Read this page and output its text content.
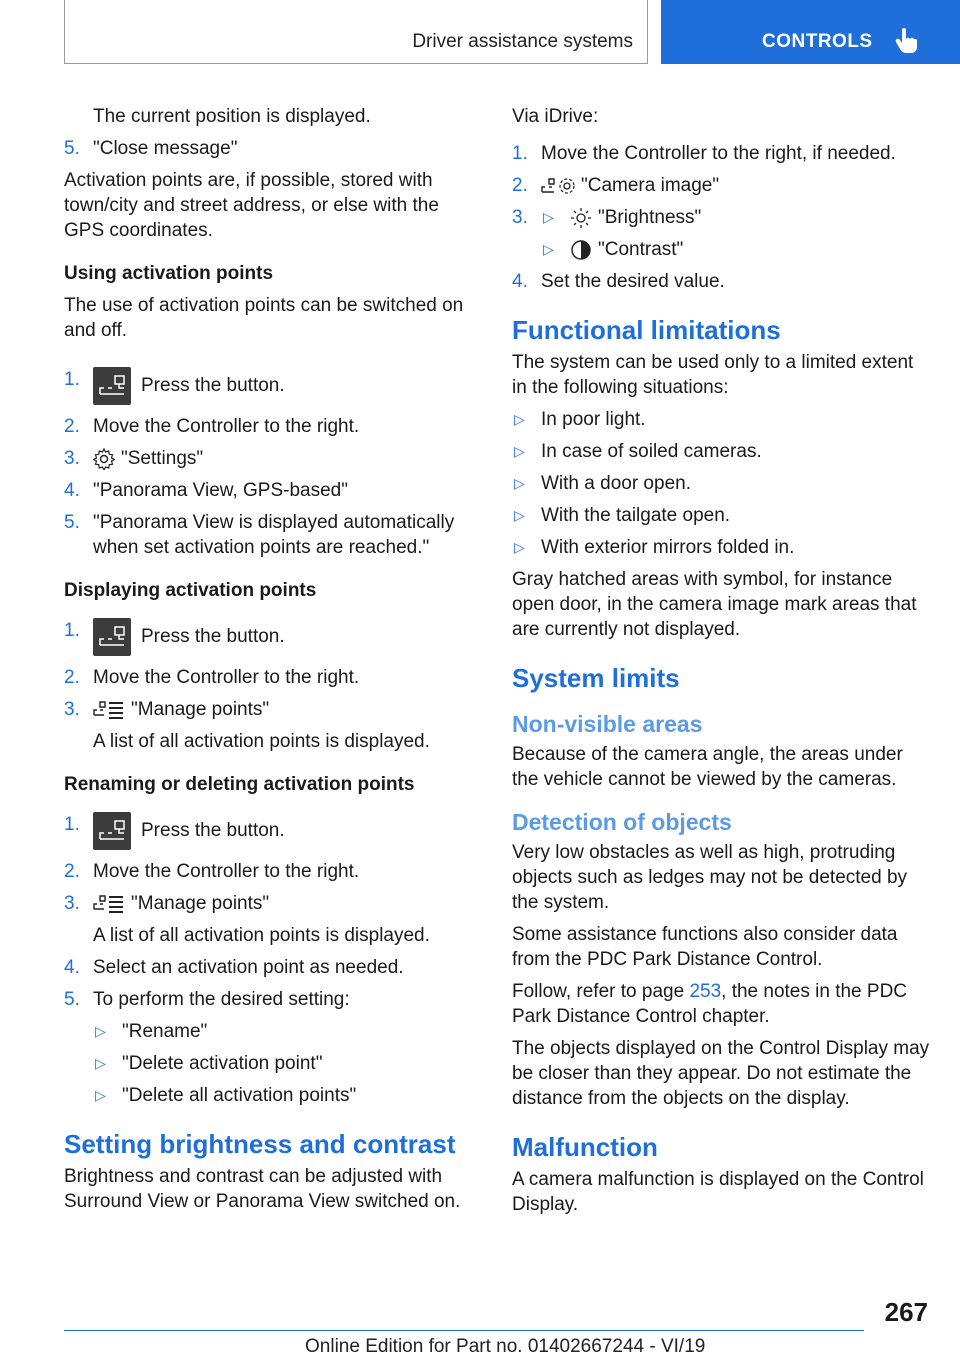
Driver assistance systems	CONTROLS

The current position is displayed.

5. "Close message"

Activation points are, if possible, stored with town/city and street address, or else with the GPS coordinates.

Using activation points

The use of activation points can be switched on and off.

1.	Press the button.
2. Move the Controller to the right.
3. "Settings"
4. "Panorama View, GPS-based"
5. "Panorama View is displayed automatically when set activation points are reached."
Displaying activation points
1.	Press the button.
2. Move the Controller to the right.
3.	"Manage points"

A list of all activation points is displayed.

Renaming or deleting activation points
1.	Press the button.
2. Move the Controller to the right.
3.	"Manage points"

A list of all activation points is displayed.

4. Select an activation point as needed.
5. To perform the desired setting:
▷ "Rename"
▷ "Delete activation point"
▷ "Delete all activation points"
Setting brightness and contrast

Brightness and contrast can be adjusted with Surround View or Panorama View switched on.

Via iDrive:

1. Move the Controller to the right, if needed.
2.	"Camera image"
3. ▷ "Brightness"
▷ "Contrast"
4. Set the desired value.
Functional limitations

The system can be used only to a limited extent in the following situations:

▷ In poor light.
▷ In case of soiled cameras.
▷ With a door open.
▷ With the tailgate open.
▷ With exterior mirrors folded in.

Gray hatched areas with symbol, for instance open door, in the camera image mark areas that are currently not displayed.

System limits
Non-visible areas

Because of the camera angle, the areas under the vehicle cannot be viewed by the cameras.

Detection of objects

Very low obstacles as well as high, protruding objects such as ledges may not be detected by the system.

Some assistance functions also consider data from the PDC Park Distance Control.

Follow, refer to page 253, the notes in the PDC Park Distance Control chapter.

The objects displayed on the Control Display may be closer than they appear. Do not estimate the distance from the objects on the display.

Malfunction

A camera malfunction is displayed on the Control Display.

267
Online Edition for Part no. 01402667244 - VI/19
